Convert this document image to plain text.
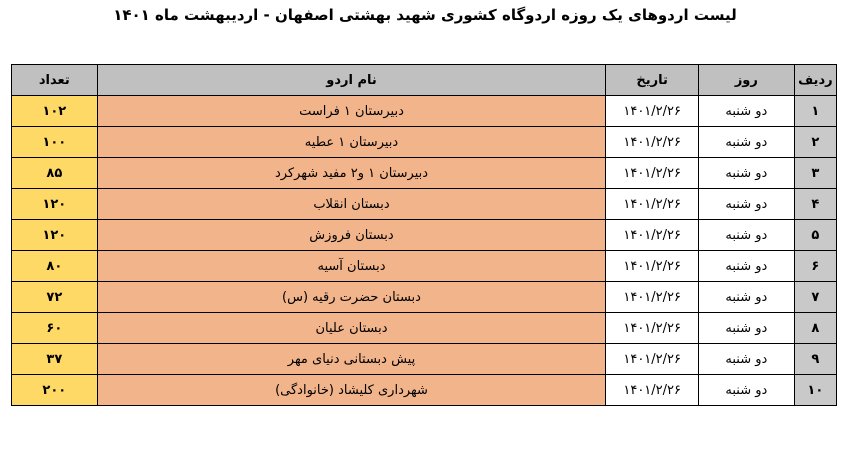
لیست اردوهای یک روزه اردوگاه کشوری شهید بهشتی اصفهان - اردیبهشت ماه ۱۴۰۱
ردیف	روز	تاریخ	نام اردو	تعداد
۱	دو شنبه	۱۴۰۱/۲/۲۶	دبیرستان ۱ فراست	۱۰۲
۲	دو شنبه	۱۴۰۱/۲/۲۶	دبیرستان ۱ عطیه	۱۰۰
۳	دو شنبه	۱۴۰۱/۲/۲۶	دبیرستان ۱ و۲ مفید شهرکرد	۸۵
۴	دو شنبه	۱۴۰۱/۲/۲۶	دبستان انقلاب	۱۲۰
۵	دو شنبه	۱۴۰۱/۲/۲۶	دبستان فروزش	۱۲۰
۶	دو شنبه	۱۴۰۱/۲/۲۶	دبستان آسیه	۸۰
۷	دو شنبه	۱۴۰۱/۲/۲۶	دبستان حضرت رقیه (س)	۷۲
۸	دو شنبه	۱۴۰۱/۲/۲۶	دبستان علیان	۶۰
۹	دو شنبه	۱۴۰۱/۲/۲۶	پیش دبستانی دنیای مهر	۳۷
۱۰	دو شنبه	۱۴۰۱/۲/۲۶	شهرداری کلیشاد (خانوادگی)	۲۰۰
